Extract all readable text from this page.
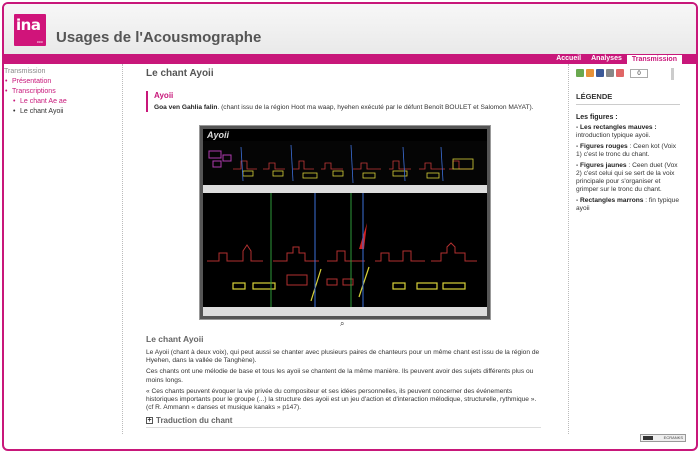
ina
ccc Usages de l'Acousmographe
Accueil	Analyses	Transmission
Transmission
• Présentation
• Transcriptions
• Le chant Ae ae
• Le chant Ayoii
Le chant Ayoii
Ayoii

Goa ven Gahlia falin. (chant issu de la région Hoot ma waap, hyehen exécuté par le défunt Benoît BOULET et Salomon MAYAT).

Ayoii
⌕
Le chant Ayoii

Le Ayoii (chant à deux voix), qui peut aussi se chanter avec plusieurs paires de chanteurs pour un même chant est issu de la région de Hyehen, dans la vallée de Tanghène).

Ces chants ont une mélodie de base et tous les ayoii se chantent de la même manière. Ils peuvent avoir des sujets différents plus ou moins longs.

« Ces chants peuvent évoquer la vie privée du compositeur et ses idées personnelles, ils peuvent concerner des événements historiques importants pour le groupe (...) la structure des ayoii est un jeu d'action et d'interaction mélodique, structurelle, rythmique ». (cf R. Ammann « danses et musique kanaks » p147).

+ Traduction du chant
0
LÉGENDE
Les figures :

- Les rectangles mauves : introduction typique ayoii.

- Figures rouges : Ceen kot (Voix 1) c'est le tronc du chant.

- Figures jaunes : Ceen duet (Vox 2) c'est celui qui se sert de la voix principale pour s'organiser et grimper sur le tronc du chant.

- Rectangles marrons : fin typique ayoii

ECRANKS
